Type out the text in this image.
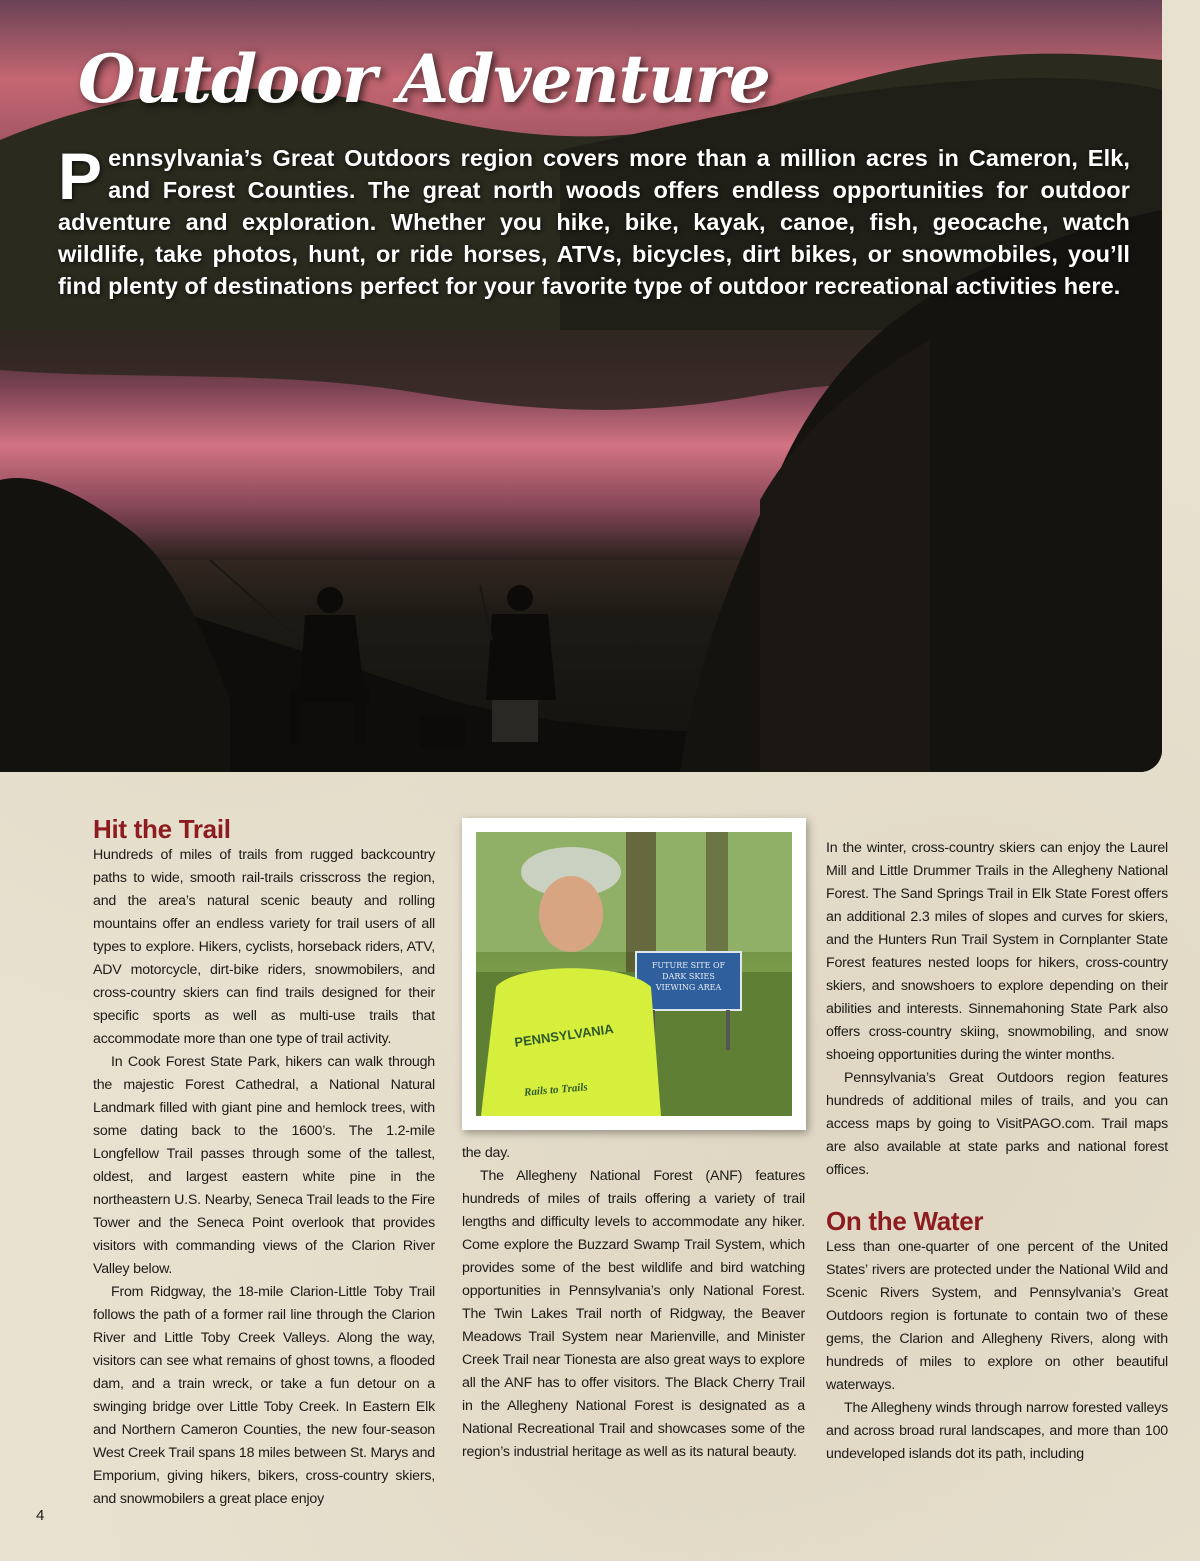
Outdoor Adventure
Pennsylvania’s Great Outdoors region covers more than a million acres in Cameron, Elk, and Forest Counties. The great north woods offers endless opportunities for outdoor adventure and exploration. Whether you hike, bike, kayak, canoe, fish, geocache, watch wildlife, take photos, hunt, or ride horses, ATVs, bicycles, dirt bikes, or snowmobiles, you’ll find plenty of destinations perfect for your favorite type of outdoor recreational activities here.
Hit the Trail

Hundreds of miles of trails from rugged backcountry paths to wide, smooth rail-trails crisscross the region, and the area’s natural scenic beauty and rolling mountains offer an endless variety for trail users of all types to explore. Hikers, cyclists, horseback riders, ATV, ADV motorcycle, dirt-bike riders, snowmobilers, and cross-country skiers can find trails designed for their specific sports as well as multi-use trails that accommodate more than one type of trail activity.

In Cook Forest State Park, hikers can walk through the majestic Forest Cathedral, a National Natural Landmark filled with giant pine and hemlock trees, with some dating back to the 1600’s. The 1.2-mile Longfellow Trail passes through some of the tallest, oldest, and largest eastern white pine in the northeastern U.S. Nearby, Seneca Trail leads to the Fire Tower and the Seneca Point overlook that provides visitors with commanding views of the Clarion River Valley below.

From Ridgway, the 18-mile Clarion-Little Toby Trail follows the path of a former rail line through the Clarion River and Little Toby Creek Valleys. Along the way, visitors can see what remains of ghost towns, a flooded dam, and a train wreck, or take a fun detour on a swinging bridge over Little Toby Creek. In Eastern Elk and Northern Cameron Counties, the new four-season West Creek Trail spans 18 miles between St. Marys and Emporium, giving hikers, bikers, cross-country skiers, and snowmobilers a great place enjoy

FUTURE SITE OF
DARK SKIES
VIEWING AREA
PENNSYLVANIA
Rails to Trails

the day.

The Allegheny National Forest (ANF) features hundreds of miles of trails offering a variety of trail lengths and difficulty levels to accommodate any hiker. Come explore the Buzzard Swamp Trail System, which provides some of the best wildlife and bird watching opportunities in Pennsylvania’s only National Forest. The Twin Lakes Trail north of Ridgway, the Beaver Meadows Trail System near Marienville, and Minister Creek Trail near Tionesta are also great ways to explore all the ANF has to offer visitors. The Black Cherry Trail in the Allegheny National Forest is designated as a National Recreational Trail and showcases some of the region’s industrial heritage as well as its natural beauty.

In the winter, cross-country skiers can enjoy the Laurel Mill and Little Drummer Trails in the Allegheny National Forest. The Sand Springs Trail in Elk State Forest offers an additional 2.3 miles of slopes and curves for skiers, and the Hunters Run Trail System in Cornplanter State Forest features nested loops for hikers, cross-country skiers, and snowshoers to explore depending on their abilities and interests. Sinnemahoning State Park also offers cross-country skiing, snowmobiling, and snow shoeing opportunities during the winter months.

Pennsylvania’s Great Outdoors region features hundreds of additional miles of trails, and you can access maps by going to VisitPAGO.com. Trail maps are also available at state parks and national forest offices.

On the Water

Less than one-quarter of one percent of the United States’ rivers are protected under the National Wild and Scenic Rivers System, and Pennsylvania’s Great Outdoors region is fortunate to contain two of these gems, the Clarion and Allegheny Rivers, along with hundreds of miles to explore on other beautiful waterways.

The Allegheny winds through narrow forested valleys and across broad rural landscapes, and more than 100 undeveloped islands dot its path, including

4
